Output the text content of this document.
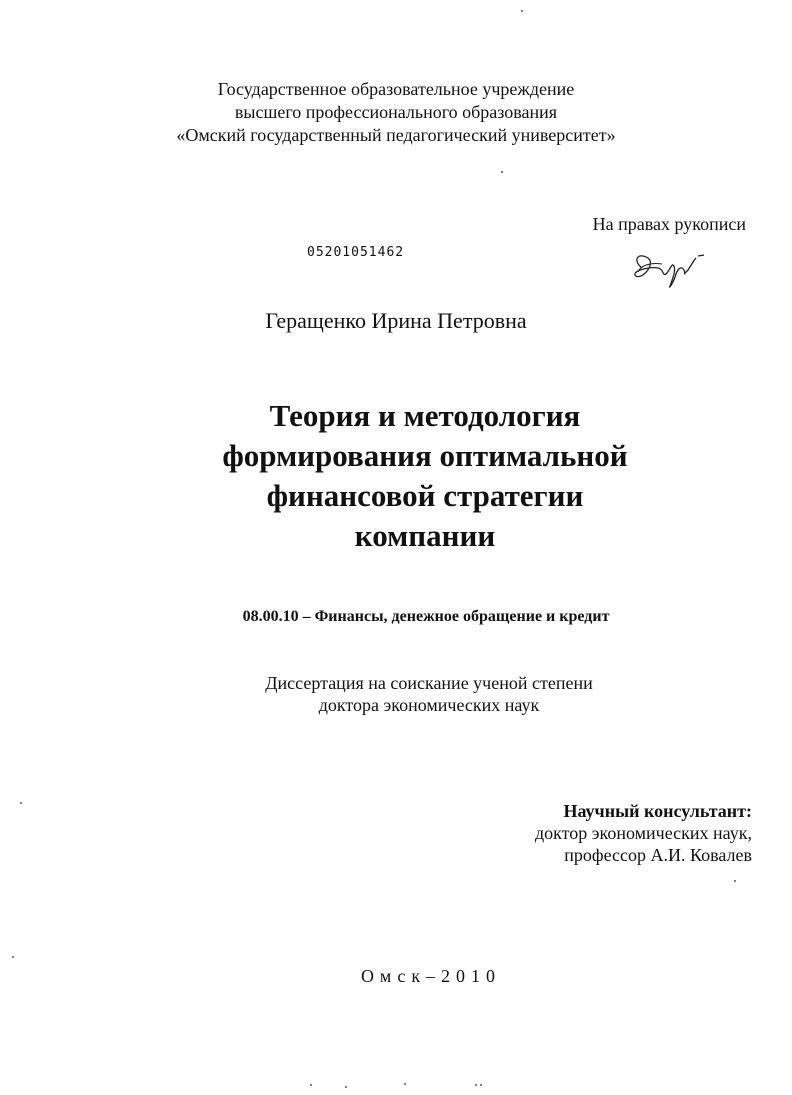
Государственное образовательное учреждение
высшего профессионального образования
«Омский государственный педагогический университет»
На правах рукописи
05201051462
Геращенко Ирина Петровна
Теория и методология
формирования оптимальной
финансовой стратегии
компании
08.00.10 – Финансы, денежное обращение и кредит
Диссертация на соискание ученой степени
доктора экономических наук
Научный консультант:
доктор экономических наук,
профессор А.И. Ковалев
Омск–2010
